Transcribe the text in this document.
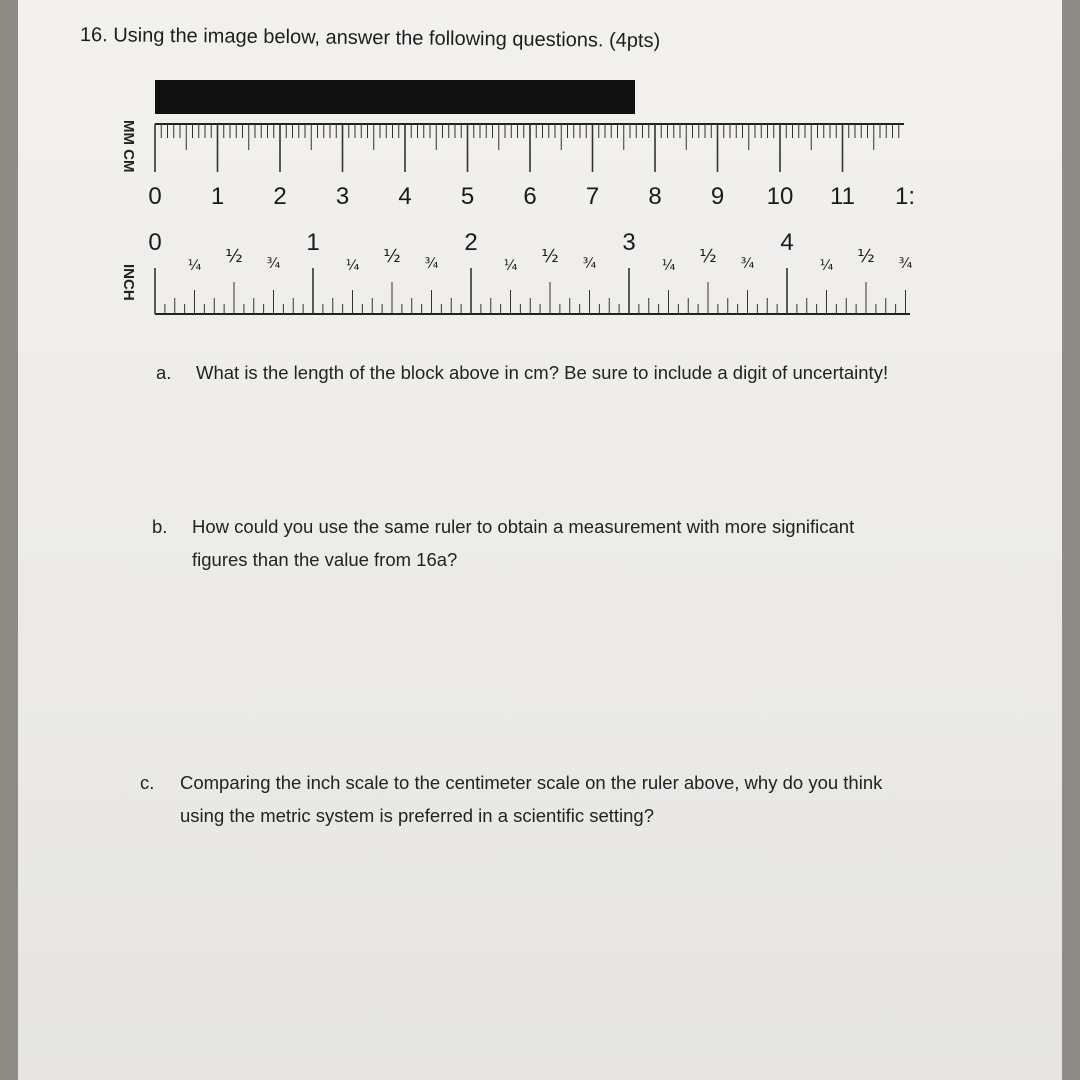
16. Using the image below, answer the following questions. (4pts)
0 1 2 3 4 5 6 7 8 9 10 11 1:
0	1	2	3	4
¼ ½ ¾	¼ ½ ¾	¼ ½ ¾	¼ ½ ¾	¼ ½ ¾
MM CM
INCH
a. What is the length of the block above in cm? Be sure to include a digit of uncertainty!
b. How could you use the same ruler to obtain a measurement with more significant
figures than the value from 16a?
c. Comparing the inch scale to the centimeter scale on the ruler above, why do you think
using the metric system is preferred in a scientific setting?
